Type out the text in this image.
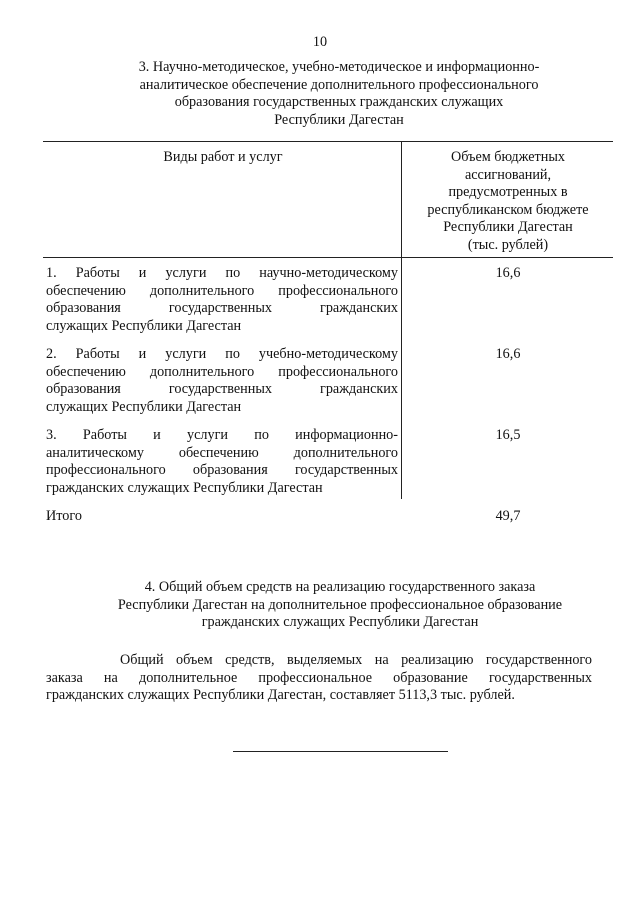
10
3. Научно-методическое, учебно-методическое и информационно-
аналитическое обеспечение дополнительного профессионального
образования государственных гражданских служащих
Республики Дагестан
Виды работ и услуг	Объем бюджетных
ассигнований,
предусмотренных в
республиканском бюджете
Республики Дагестан
(тыс. рублей)
1. Работы и услуги по научно-методическому
обеспечению дополнительного профессионального
образования государственных гражданских
служащих Республики Дагестан
16,6
2. Работы и услуги по учебно-методическому
обеспечению дополнительного профессионального
образования государственных гражданских
служащих Республики Дагестан
16,6
3. Работы и услуги по информационно-
аналитическому обеспечению дополнительного
профессионального образования государственных
гражданских служащих Республики Дагестан
16,5
Итого	49,7
4. Общий объем средств на реализацию государственного заказа
Республики Дагестан на дополнительное профессиональное образование
гражданских служащих Республики Дагестан
Общий объем средств, выделяемых на реализацию государственного
заказа на дополнительное профессиональное образование государственных
гражданских служащих Республики Дагестан, составляет 5113,3 тыс. рублей.
